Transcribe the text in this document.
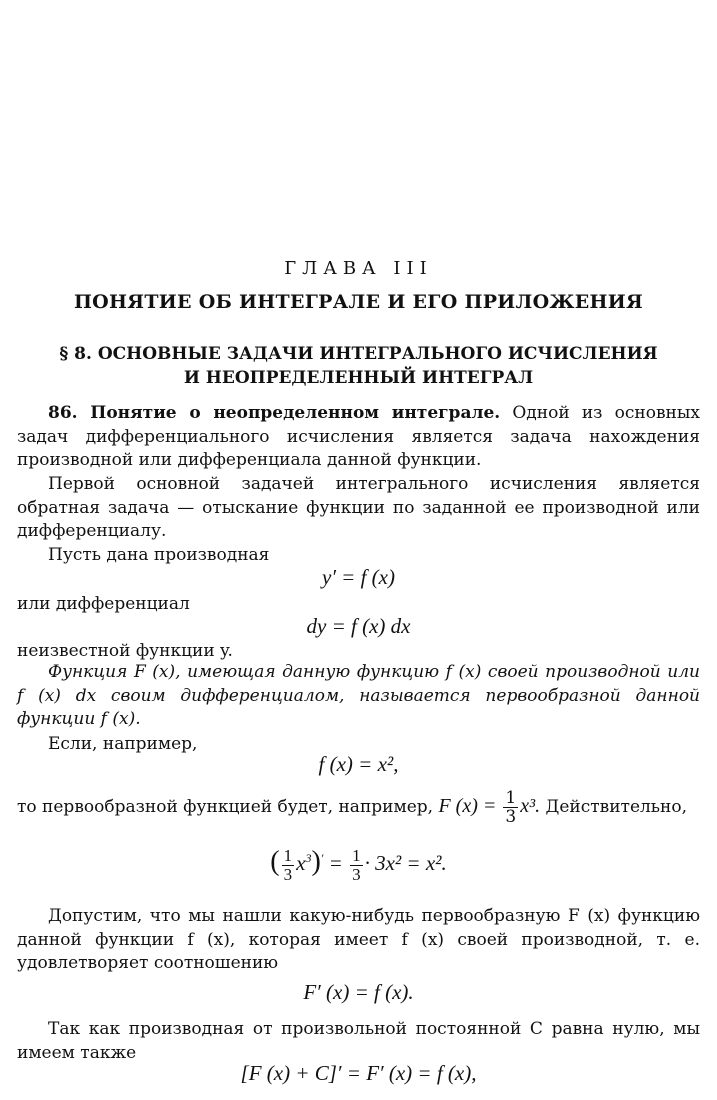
ГЛАВА III
ПОНЯТИЕ ОБ ИНТЕГРАЛЕ И ЕГО ПРИЛОЖЕНИЯ
§ 8. ОСНОВНЫЕ ЗАДАЧИ ИНТЕГРАЛЬНОГО ИСЧИСЛЕНИЯ
И НЕОПРЕДЕЛЕННЫЙ ИНТЕГРАЛ
86. Понятие о неопределенном интеграле. Одной из основных задач дифференциального исчисления является задача нахождения производной или дифференциала данной функции.
Первой основной задачей интегрального исчисления является обратная задача — отыскание функции по заданной ее производной или дифференциалу.
Пусть дана производная
y′ = f (x)
или дифференциал
dy = f (x) dx
неизвестной функции y.
Функция F (x), имеющая данную функцию f (x) своей производной или f (x) dx своим дифференциалом, называется первообразной данной функции f (x).
Если, например,
f (x) = x²,
то первообразной функцией будет, например, F $(x) = \frac{1}{3} x^3$. Действительно,
( $\frac{1}{3} x^3)' = \frac{1}{3} \cdot 3x^2 = x^2$.
Допустим, что мы нашли какую-нибудь первообразную F (x) функцию данной функции f (x), которая имеет f (x) своей производной, т. е. удовлетворяет соотношению
F′ (x) = f (x).
Так как производная от произвольной постоянной C равна нулю, мы имеем также
[F (x) + C]′ = F′ (x) = f (x),
